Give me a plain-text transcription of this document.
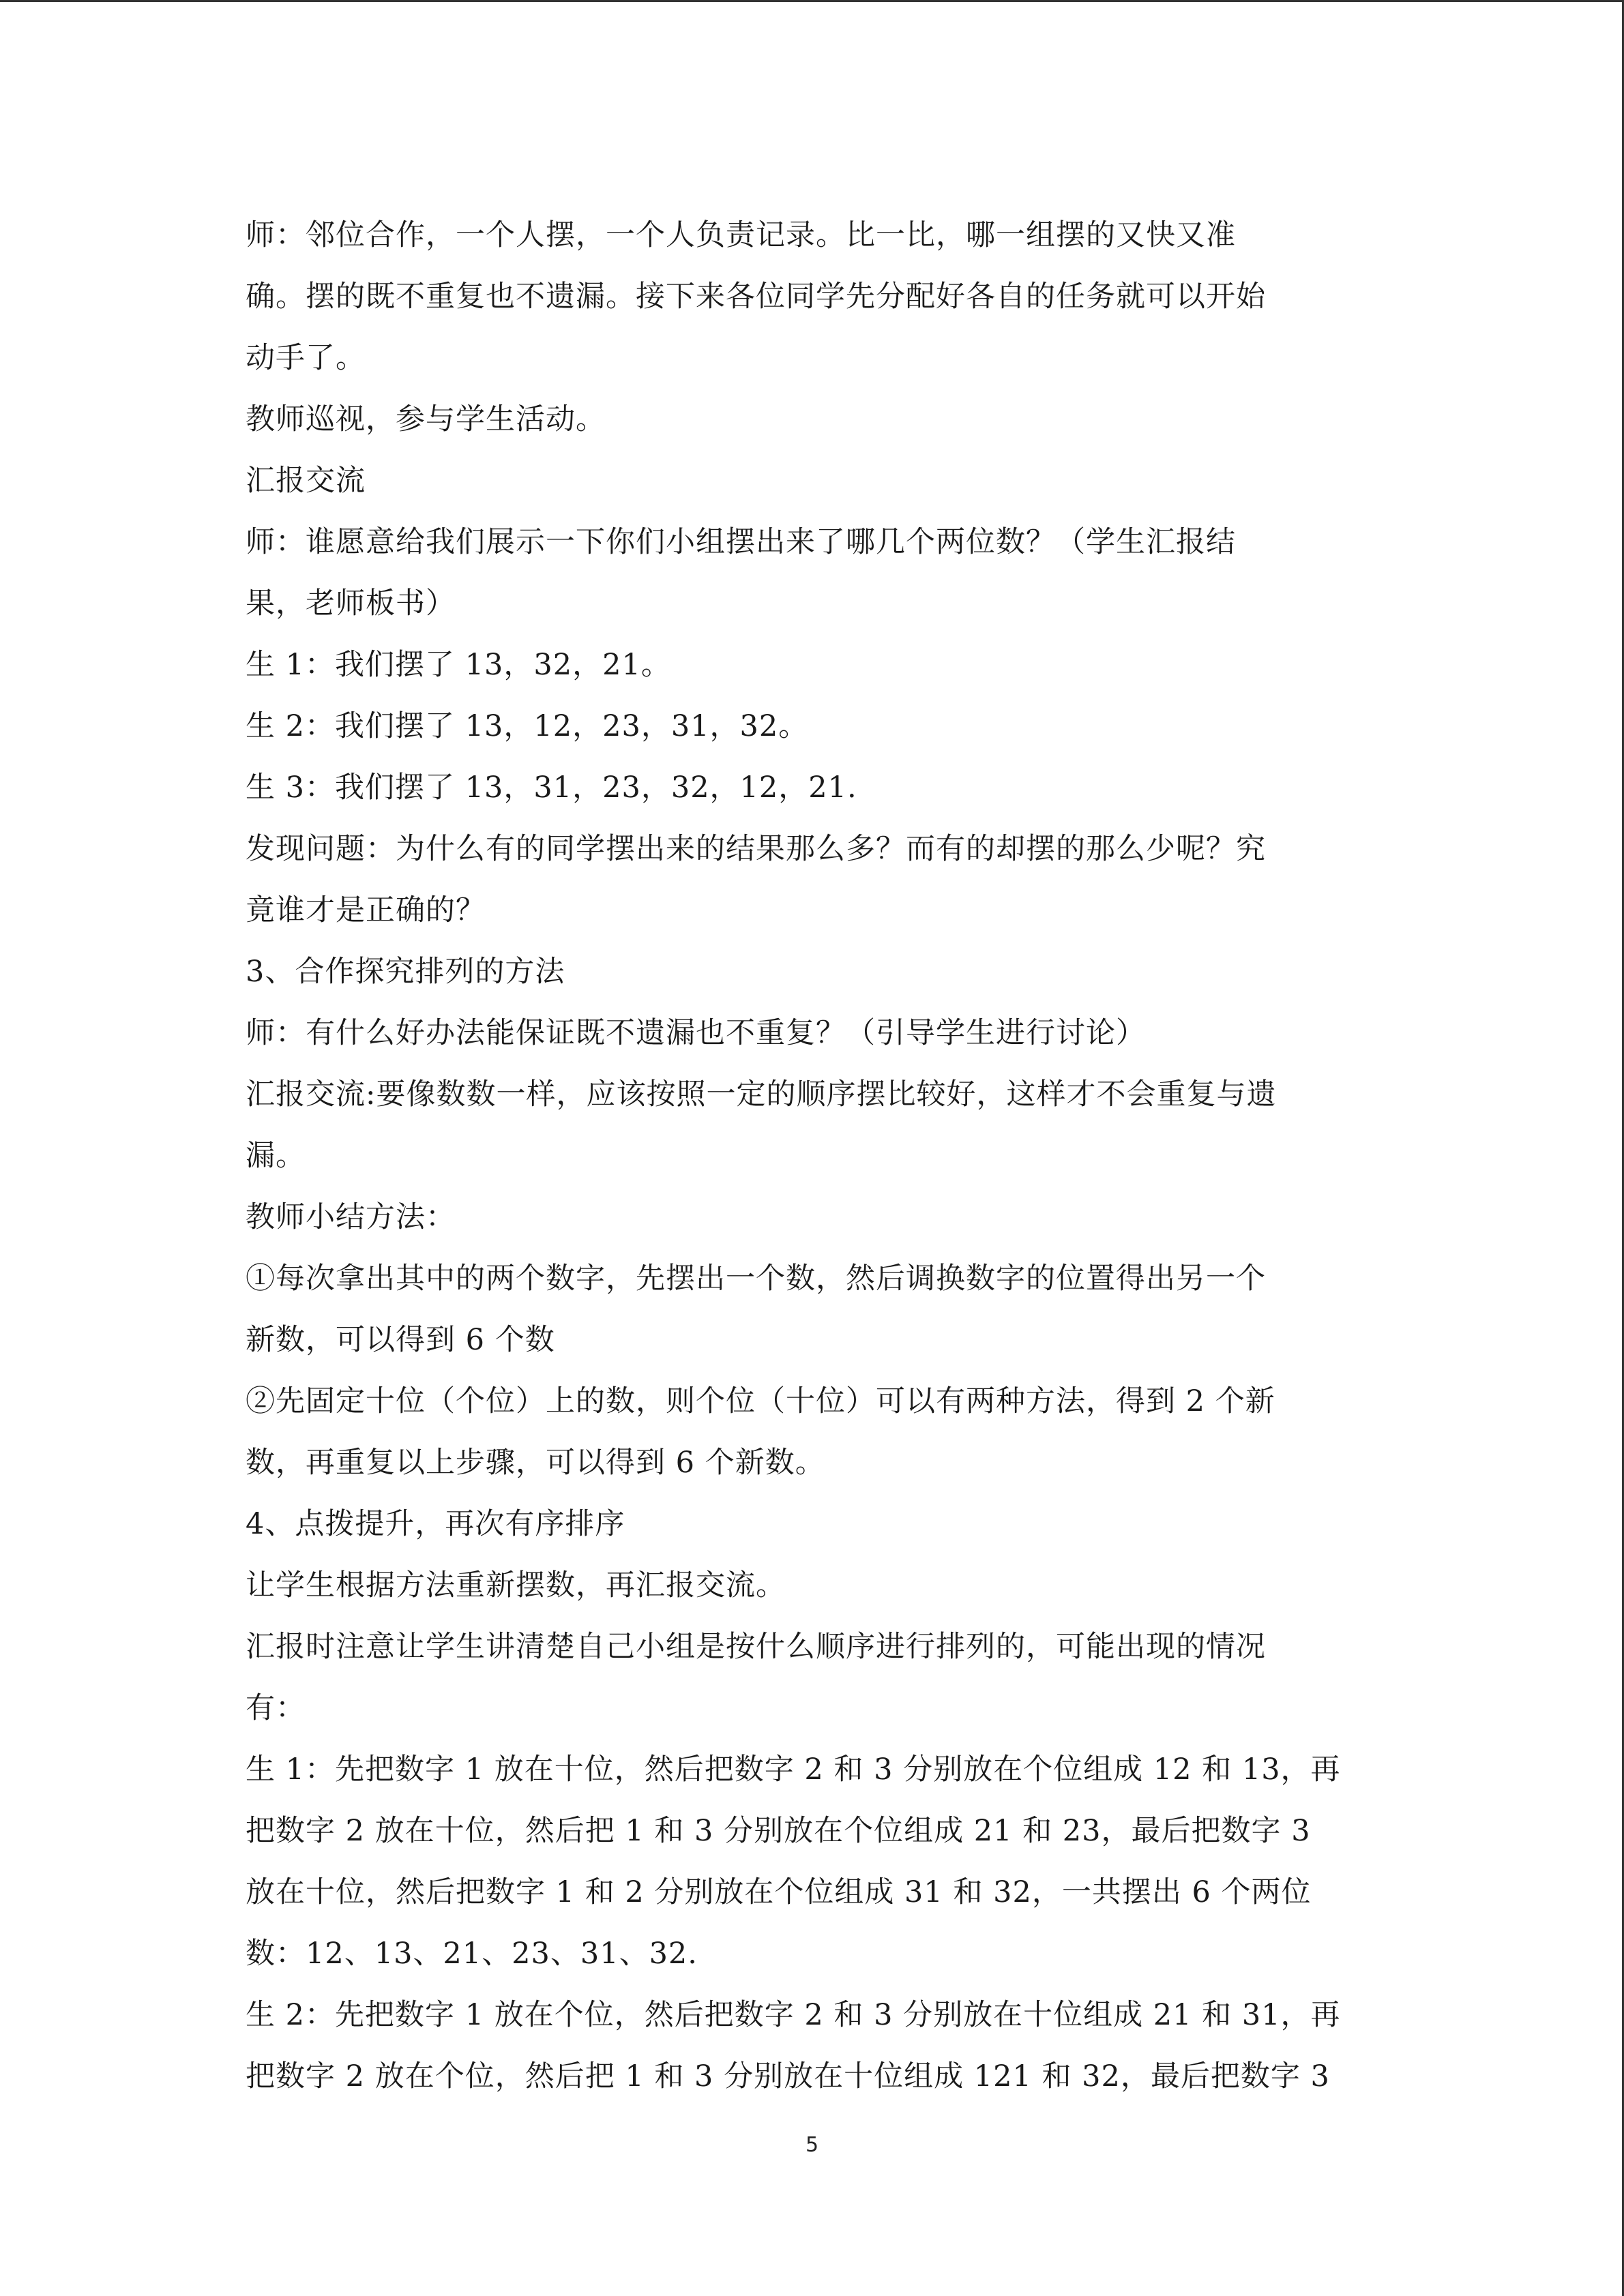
师：邻位合作，一个人摆，一个人负责记录。比一比，哪一组摆的又快又准
确。摆的既不重复也不遗漏。接下来各位同学先分配好各自的任务就可以开始
动手了。
教师巡视，参与学生活动。
汇报交流
师：谁愿意给我们展示一下你们小组摆出来了哪几个两位数？（学生汇报结
果，老师板书）
生 1：我们摆了 13，32，21。
生 2：我们摆了 13，12，23，31，32。
生 3：我们摆了 13，31，23，32，12，21.
发现问题：为什么有的同学摆出来的结果那么多？而有的却摆的那么少呢？究
竟谁才是正确的？
3、合作探究排列的方法
师：有什么好办法能保证既不遗漏也不重复？（引导学生进行讨论）
汇报交流:要像数数一样，应该按照一定的顺序摆比较好，这样才不会重复与遗
漏。
教师小结方法：
①每次拿出其中的两个数字，先摆出一个数，然后调换数字的位置得出另一个
新数，可以得到 6 个数
②先固定十位（个位）上的数，则个位（十位）可以有两种方法，得到 2 个新
数，再重复以上步骤，可以得到 6 个新数。
4、点拨提升，再次有序排序
让学生根据方法重新摆数，再汇报交流。
汇报时注意让学生讲清楚自己小组是按什么顺序进行排列的，可能出现的情况
有：
生 1：先把数字 1 放在十位，然后把数字 2 和 3 分别放在个位组成 12 和 13，再
把数字 2 放在十位，然后把 1 和 3 分别放在个位组成 21 和 23，最后把数字 3
放在十位，然后把数字 1 和 2 分别放在个位组成 31 和 32，一共摆出 6 个两位
数：12、13、21、23、31、32.
生 2：先把数字 1 放在个位，然后把数字 2 和 3 分别放在十位组成 21 和 31，再
把数字 2 放在个位，然后把 1 和 3 分别放在十位组成 121 和 32，最后把数字 3
5
